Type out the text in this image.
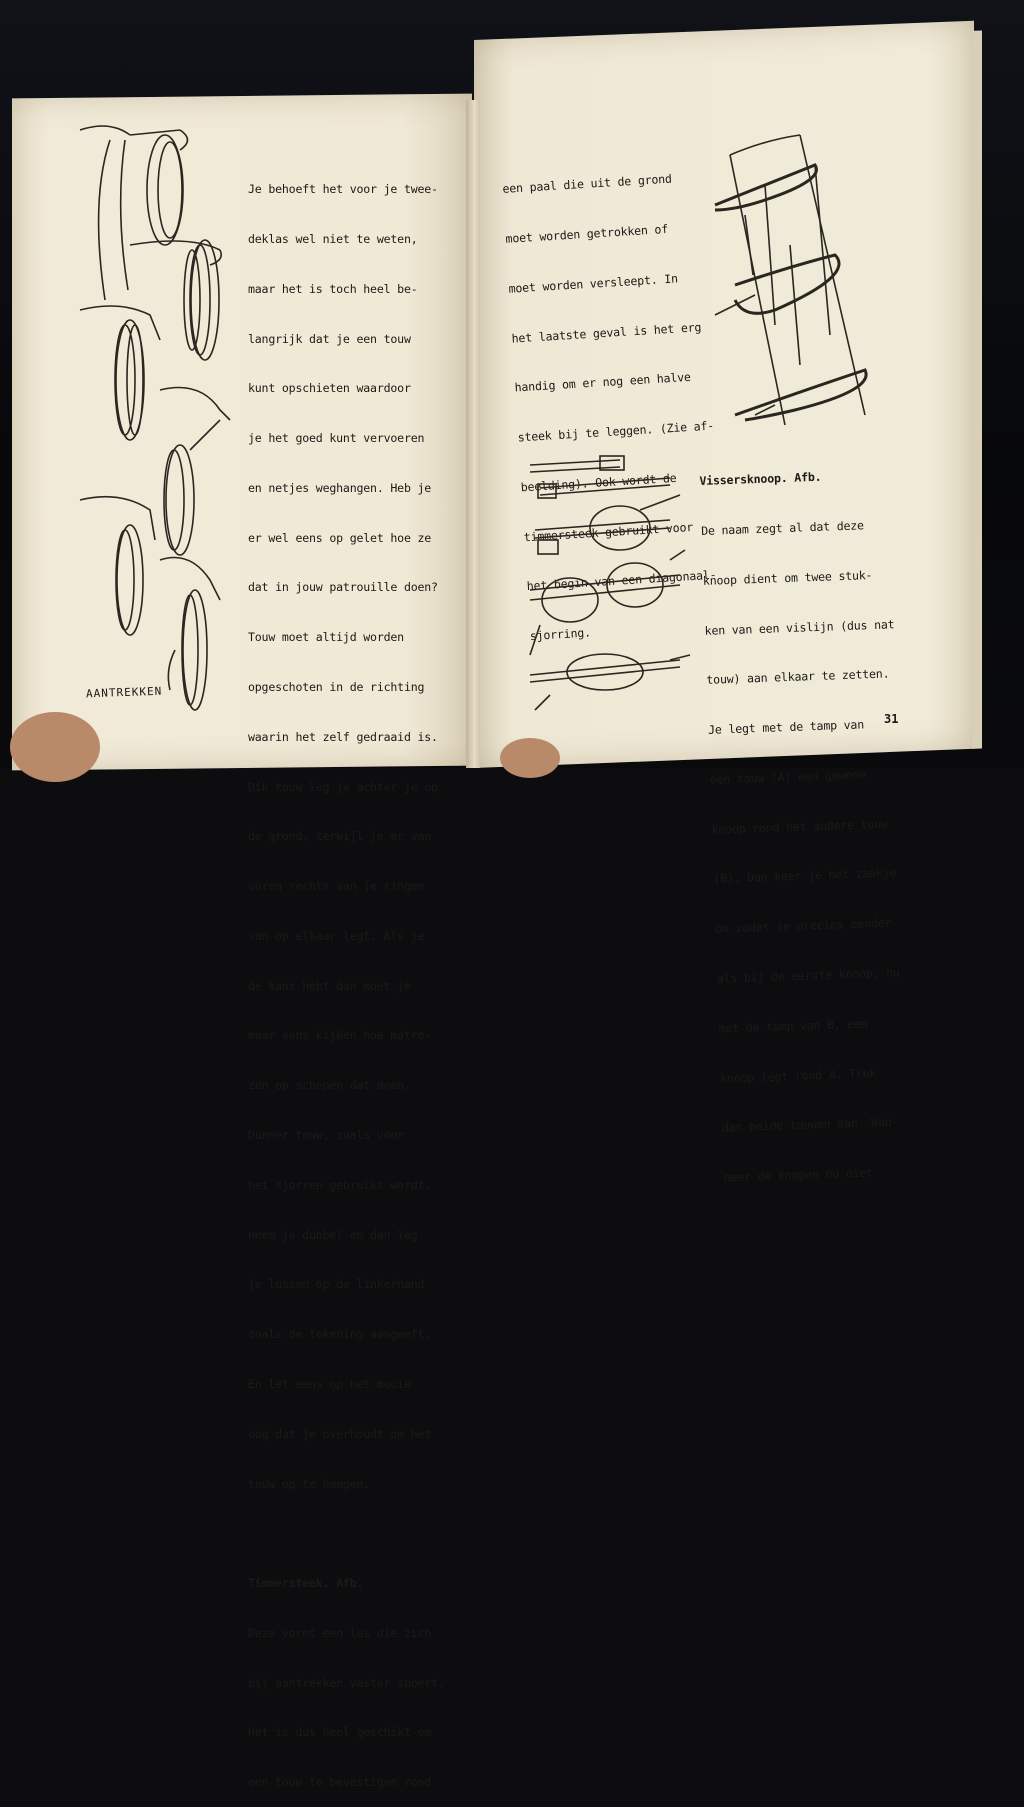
AANTREKKEN

Je behoeft het voor je twee-

deklas wel niet te weten,

maar het is toch heel be-

langrijk dat je een touw

kunt opschieten waardoor

je het goed kunt vervoeren

en netjes weghangen. Heb je

er wel eens op gelet hoe ze

dat in jouw patrouille doen?

Touw moet altijd worden

opgeschoten in de richting

waarin het zelf gedraaid is.

Dik touw leg je achter je op

de grond, terwijl je er van

voren rechts van je ringen

van op elkaar legt. Als je

de kans hebt dan moet je

maar eens kijken hoe matro-

zen op schepen dat doen.

Dunner touw, zoals voor

het sjorren gebruikt wordt,

neem je dubbel en dan leg

je lussen op de linkerhand

zoals de tekening aangeeft.

En let eens op het mooie

oog dat je overhoudt om het

touw op te hangen.

Timmersteek. Afb.

Deze vormt een lus die zich

bij aantrekken vaster snoert.

Het is dus heel geschikt om

een touw te bevestigen rond

een paal die uit de grond

moet worden getrokken of

moet worden versleept. In

het laatste geval is het erg

handig om er nog een halve

steek bij te leggen. (Zie af-

beelding). Ook wordt de

timmersteek gebruikt voor

het begin van een diagonaal-

sjorring.

Vissersknoop. Afb.

De naam zegt al dat deze

knoop dient om twee stuk-

ken van een vislijn (dus nat

touw) aan elkaar te zetten.

Je legt met de tamp van

één touw (A) een gewone

knoop rond het andere touw

(B). Dan keer je het zaakje

om zodat je precies eender

als bij de eerste knoop, nu

met de tamp van B, een

knoop legt rond A. Trek

dan beide touwen aan. Wan-

neer de knopen nu niet

31
